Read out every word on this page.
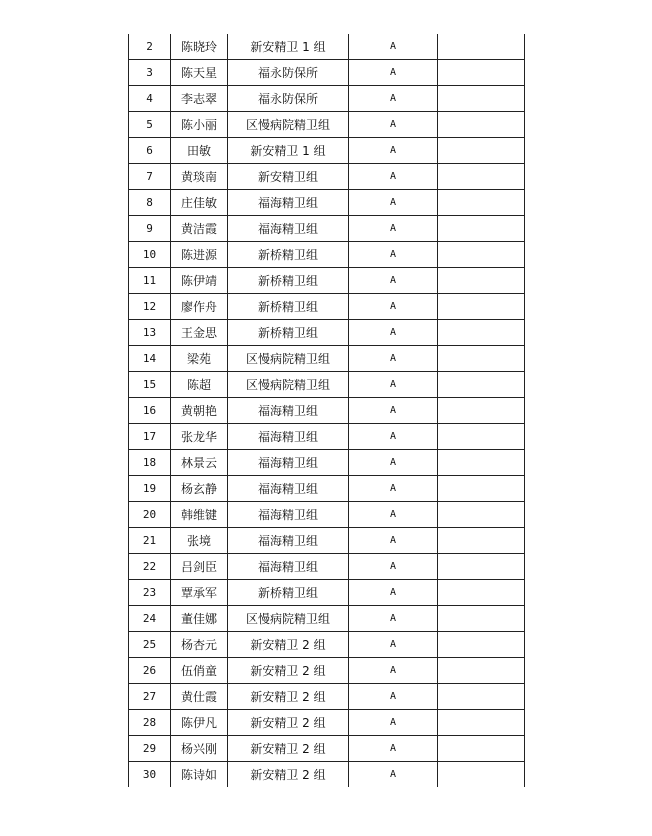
2	陈晓玲	新安精卫 1 组	A	
3	陈天星	福永防保所	A	
4	李志翠	福永防保所	A	
5	陈小丽	区慢病院精卫组	A	
6	田敏	新安精卫 1 组	A	
7	黄琰南	新安精卫组	A	
8	庄佳敏	福海精卫组	A	
9	黄洁霞	福海精卫组	A	
10	陈进源	新桥精卫组	A	
11	陈伊靖	新桥精卫组	A	
12	廖作舟	新桥精卫组	A	
13	王金思	新桥精卫组	A	
14	梁苑	区慢病院精卫组	A	
15	陈超	区慢病院精卫组	A	
16	黄朝艳	福海精卫组	A	
17	张龙华	福海精卫组	A	
18	林景云	福海精卫组	A	
19	杨玄静	福海精卫组	A	
20	韩维键	福海精卫组	A	
21	张境	福海精卫组	A	
22	吕剑臣	福海精卫组	A	
23	覃承军	新桥精卫组	A	
24	董佳娜	区慢病院精卫组	A	
25	杨杏元	新安精卫 2 组	A	
26	伍俏童	新安精卫 2 组	A	
27	黄仕霞	新安精卫 2 组	A	
28	陈伊凡	新安精卫 2 组	A	
29	杨兴刚	新安精卫 2 组	A	
30	陈诗如	新安精卫 2 组	A	
